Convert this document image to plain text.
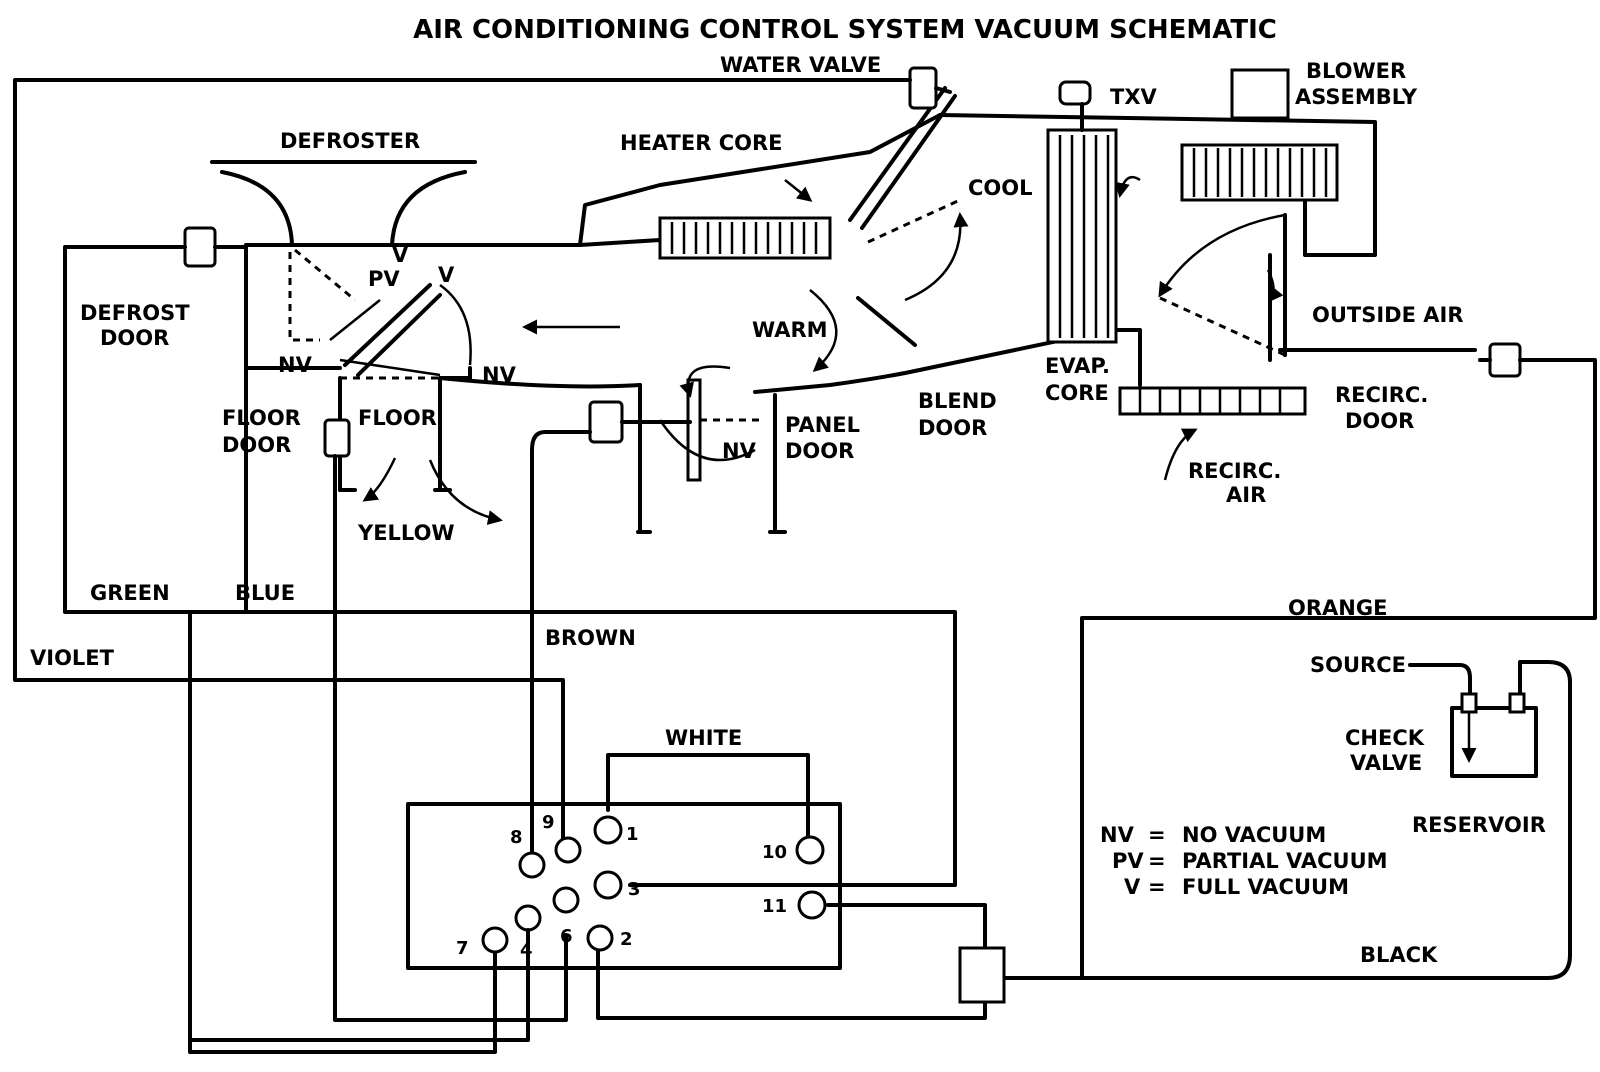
AIR CONDITIONING CONTROL SYSTEM VACUUM SCHEMATIC
WATER VALVE
DEFROSTER	HEATER CORE
TXV
BLOWER
ASSEMBLY
COOL
WARM
OUTSIDE AIR
DEFROST
DOOR
EVAP.
CORE	RECIRC.
DOOR
BLEND
DOOR
FLOOR
DOOR
FLOOR	PANEL
DOOR
RECIRC.
AIR
SOURCE
CHECK
VALVE
RESERVOIR
NV
PV
V
V
NV
NV
YELLOW
GREEN	BLUE
VIOLET
BROWN
ORANGE
WHITE
BLACK
8
9
1
3
4
6
7	2
10
11
NV = NO VACUUM
PV = PARTIAL VACUUM
V = FULL VACUUM
